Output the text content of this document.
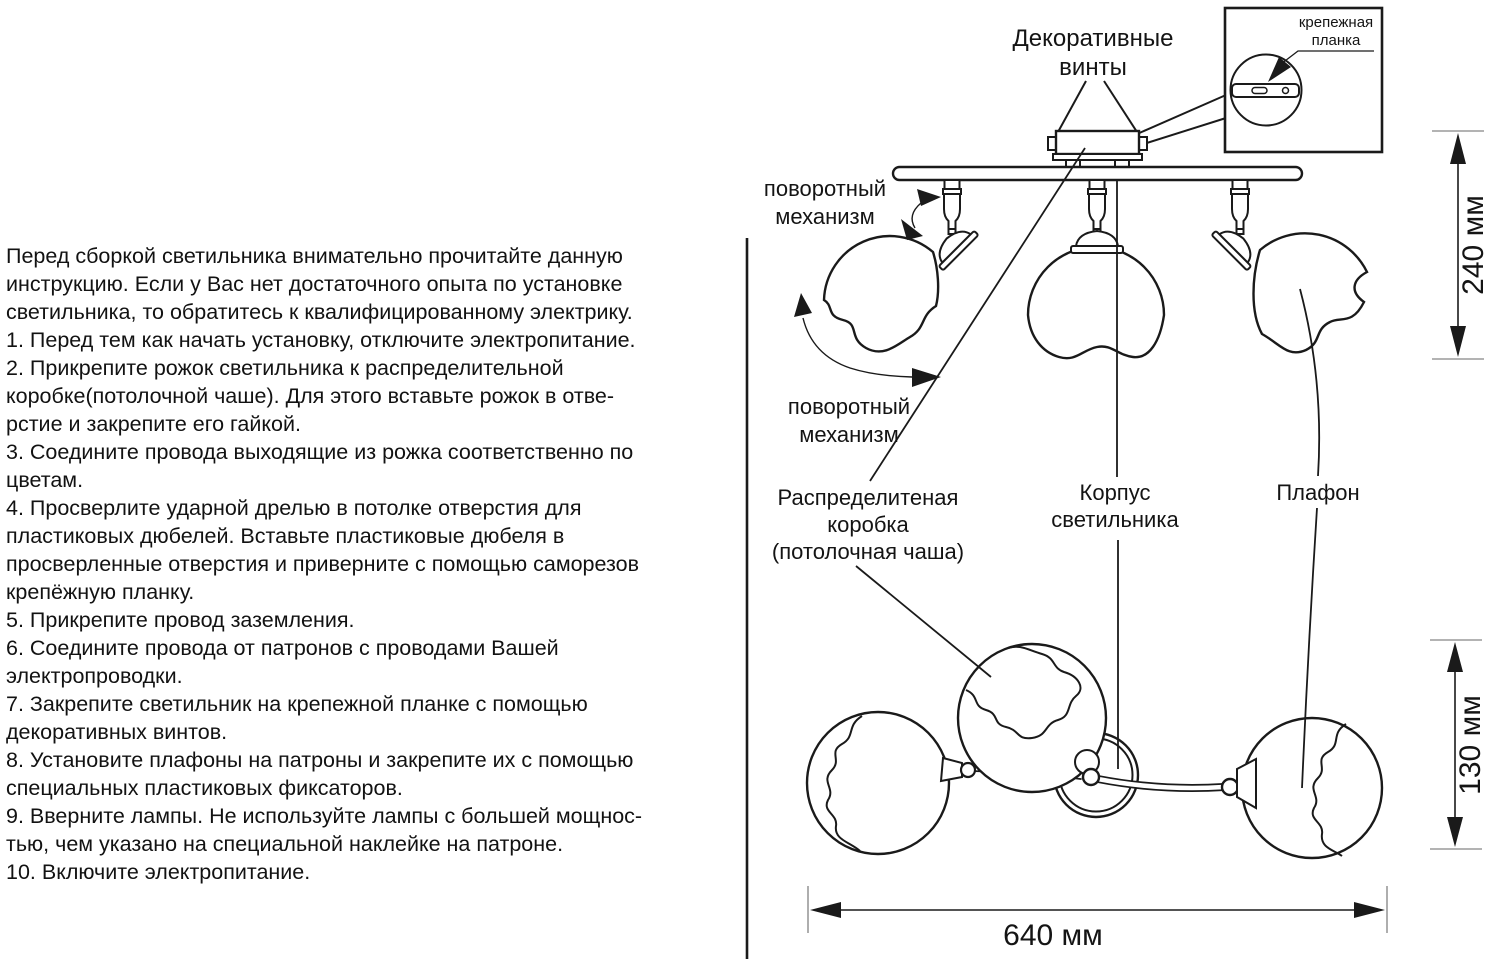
Перед сборкой светильника внимательно прочитайте данную
инструкцию. Если у Вас нет достаточного опыта по установке
светильника, то обратитесь к квалифицированному электрику.
1. Перед тем как начать установку, отключите электропитание.
2. Прикрепите рожок светильника к распределительной
коробке(потолочной чаше). Для этого вставьте рожок в отве-
рстие и закрепите его гайкой.
3. Соедините провода выходящие из рожка соответственно по
цветам.
4. Просверлите ударной дрелью в потолке отверстия для
пластиковых дюбелей. Вставьте пластиковые дюбеля в
просверленные отверстия и приверните с помощью саморезов
крепёжную планку.
5. Прикрепите провод заземления.
6. Соедините провода от патронов с проводами Вашей
электропроводки.
7. Закрепите светильник на крепежной планке с помощью
декоративных винтов.
8. Установите плафоны на патроны и закрепите их с помощью
специальных пластиковых фиксаторов.
9. Вверните лампы. Не используйте лампы с большей мощнос-
тью, чем указано на специальной наклейке на патроне.
10. Включите электропитание.
крепежная
планка
Декоративные
винты
поворотный
механизм
поворотный
механизм
Распределитеная
коробка
(потолочная чаша)
Корпус
светильника
Плафон
240 мм
130 мм
640 мм
